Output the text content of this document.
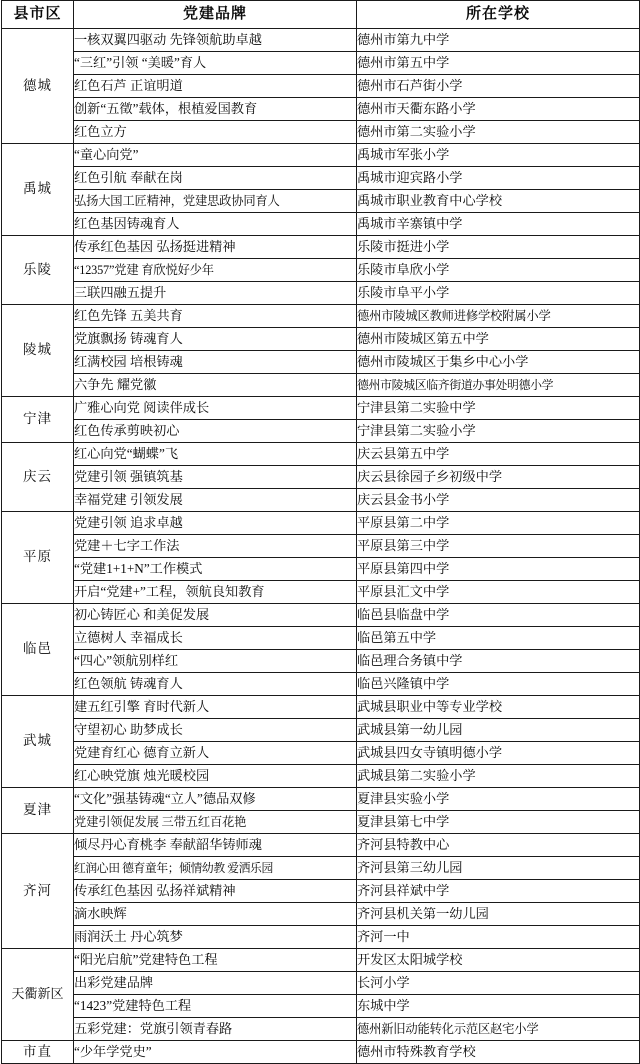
县市区	党建品牌	所在学校
德城	一核双翼四驱动 先锋领航助卓越	德州市第九中学
	“三红”引领 “美暖”育人	德州市第五中学
	红色石芦 正谊明道	德州市石芦街小学
	创新“五徵”载体，根植爱国教育	德州市天衢东路小学
	红色立方	德州市第二实验小学
禹城	“童心向党”	禹城市军张小学
	红色引航 奉献在岗	禹城市迎宾路小学
	弘扬大国工匠精神，党建思政协同育人	禹城市职业教育中心学校
	红色基因铸魂育人	禹城市辛寨镇中学
乐陵	传承红色基因 弘扬挺进精神	乐陵市挺进小学
	“12357”党建 育欣悦好少年	乐陵市阜欣小学
	三联四融五提升	乐陵市阜平小学
陵城	红色先锋 五美共育	德州市陵城区教师进修学校附属小学
	党旗飘扬 铸魂育人	德州市陵城区第五中学
	红满校园 培根铸魂	德州市陵城区于集乡中心小学
	六争先 耀党徽	德州市陵城区临齐街道办事处明德小学
宁津	广雅心向党 阅读伴成长	宁津县第二实验中学
	红色传承剪映初心	宁津县第二实验小学
庆云	红心向党“蝴蝶”飞	庆云县第五中学
	党建引领 强镇筑基	庆云县徐园子乡初级中学
	幸福党建 引领发展	庆云县金书小学
平原	党建引领 追求卓越	平原县第二中学
	党建＋七字工作法	平原县第三中学
	“党建1+1+N”工作模式	平原县第四中学
	开启“党建+”工程，领航良知教育	平原县汇文中学
临邑	初心铸匠心 和美促发展	临邑县临盘中学
	立德树人 幸福成长	临邑第五中学
	“四心”领航别样红	临邑理合务镇中学
	红色领航 铸魂育人	临邑兴隆镇中学
武城	建五红引擎 育时代新人	武城县职业中等专业学校
	守望初心 助梦成长	武城县第一幼儿园
	党建育红心 德育立新人	武城县四女寺镇明德小学
	红心映党旗 烛光暖校园	武城县第二实验小学
夏津	“文化”强基铸魂“立人”德品双修	夏津县实验小学
	党建引领促发展 三带五红百花艳	夏津县第七中学
齐河	倾尽丹心育桃李 奉献韶华铸师魂	齐河县特教中心
	红润心田 德育童年；倾情幼教 爱洒乐园	齐河县第三幼儿园
	传承红色基因 弘扬祥斌精神	齐河县祥斌中学
	滴水映辉	齐河县机关第一幼儿园
	雨润沃土 丹心筑梦	齐河一中
天衢新区	“阳光启航”党建特色工程	开发区太阳城学校
	出彩党建品牌	长河小学
	“1423”党建特色工程	东城中学
	五彩党建：党旗引领青春路	德州新旧动能转化示范区赵宅小学
市直	“少年学党史”	德州市特殊教育学校
